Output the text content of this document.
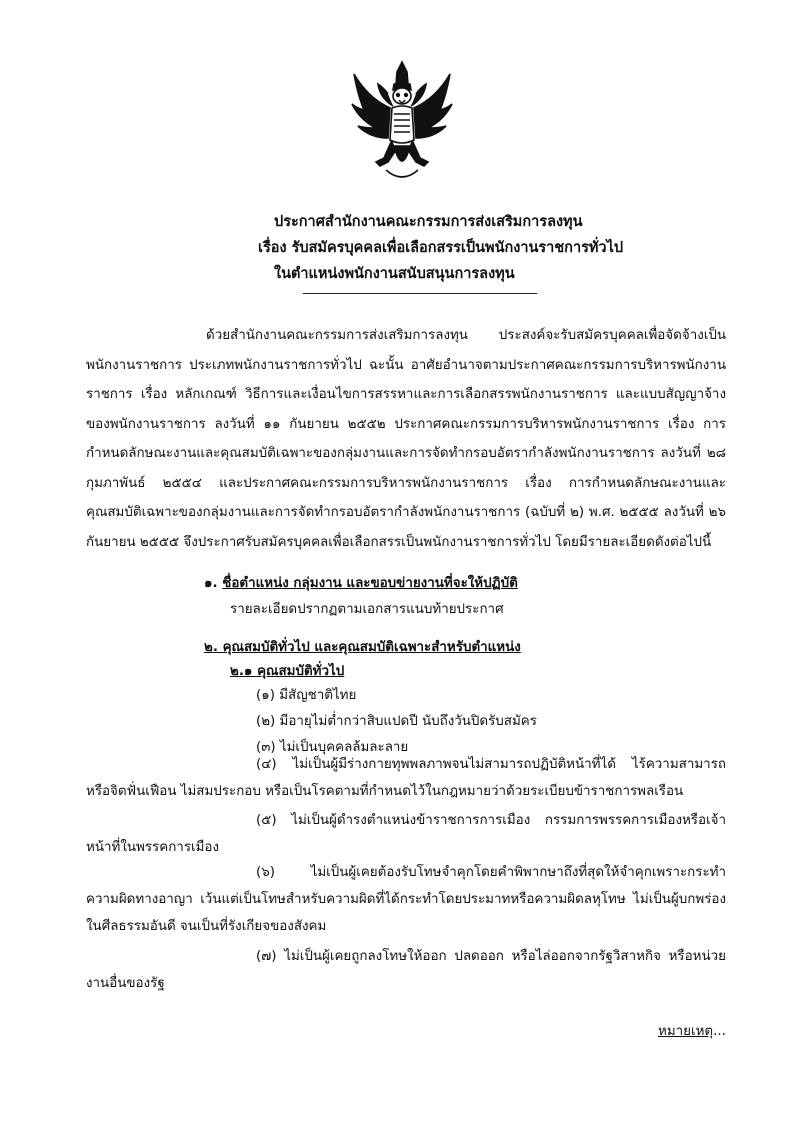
ประกาศสำนักงานคณะกรรมการส่งเสริมการลงทุน
เรื่อง รับสมัครบุคคลเพื่อเลือกสรรเป็นพนักงานราชการทั่วไป
ในตำแหน่งพนักงานสนับสนุนการลงทุน
ด้วยสำนักงานคณะกรรมการส่งเสริมการลงทุน ประสงค์จะรับสมัครบุคคลเพื่อจัดจ้างเป็นพนักงานราชการ ประเภทพนักงานราชการทั่วไป ฉะนั้น อาศัยอำนาจตามประกาศคณะกรรมการบริหารพนักงานราชการ เรื่อง หลักเกณฑ์ วิธีการและเงื่อนไขการสรรหาและการเลือกสรรพนักงานราชการ และแบบสัญญาจ้างของพนักงานราชการ ลงวันที่ ๑๑ กันยายน ๒๕๕๒ ประกาศคณะกรรมการบริหารพนักงานราชการ เรื่อง การกำหนดลักษณะงานและคุณสมบัติเฉพาะของกลุ่มงานและการจัดทำกรอบอัตรากำลังพนักงานราชการ ลงวันที่ ๒๘ กุมภาพันธ์ ๒๕๕๔ และประกาศคณะกรรมการบริหารพนักงานราชการ เรื่อง การกำหนดลักษณะงานและคุณสมบัติเฉพาะของกลุ่มงานและการจัดทำกรอบอัตรากำลังพนักงานราชการ (ฉบับที่ ๒) พ.ศ. ๒๕๕๕ ลงวันที่ ๒๖ กันยายน ๒๕๕๕ จึงประกาศรับสมัครบุคคลเพื่อเลือกสรรเป็นพนักงานราชการทั่วไป โดยมีรายละเอียดดังต่อไปนี้
๑. ชื่อตำแหน่ง กลุ่มงาน และขอบข่ายงานที่จะให้ปฏิบัติ
รายละเอียดปรากฏตามเอกสารแนบท้ายประกาศ
๒. คุณสมบัติทั่วไป และคุณสมบัติเฉพาะสำหรับตำแหน่ง
๒.๑ คุณสมบัติทั่วไป
(๑) มีสัญชาติไทย
(๒) มีอายุไม่ต่ำกว่าสิบแปดปี นับถึงวันปิดรับสมัคร
(๓) ไม่เป็นบุคคลล้มละลาย
(๔) ไม่เป็นผู้มีร่างกายทุพพลภาพจนไม่สามารถปฏิบัติหน้าที่ได้ ไร้ความสามารถหรือจิตฟั่นเฟือน ไม่สมประกอบ หรือเป็นโรคตามที่กำหนดไว้ในกฎหมายว่าด้วยระเบียบข้าราชการพลเรือน
(๕) ไม่เป็นผู้ดำรงตำแหน่งข้าราชการการเมือง กรรมการพรรคการเมืองหรือเจ้าหน้าที่ในพรรคการเมือง
(๖) ไม่เป็นผู้เคยต้องรับโทษจำคุกโดยคำพิพากษาถึงที่สุดให้จำคุกเพราะกระทำความผิดทางอาญา เว้นแต่เป็นโทษสำหรับความผิดที่ได้กระทำโดยประมาทหรือความผิดลหุโทษ ไม่เป็นผู้บกพร่องในศีลธรรมอันดี จนเป็นที่รังเกียจของสังคม
(๗) ไม่เป็นผู้เคยถูกลงโทษให้ออก ปลดออก หรือไล่ออกจากรัฐวิสาหกิจ หรือหน่วยงานอื่นของรัฐ
หมายเหตุ...
